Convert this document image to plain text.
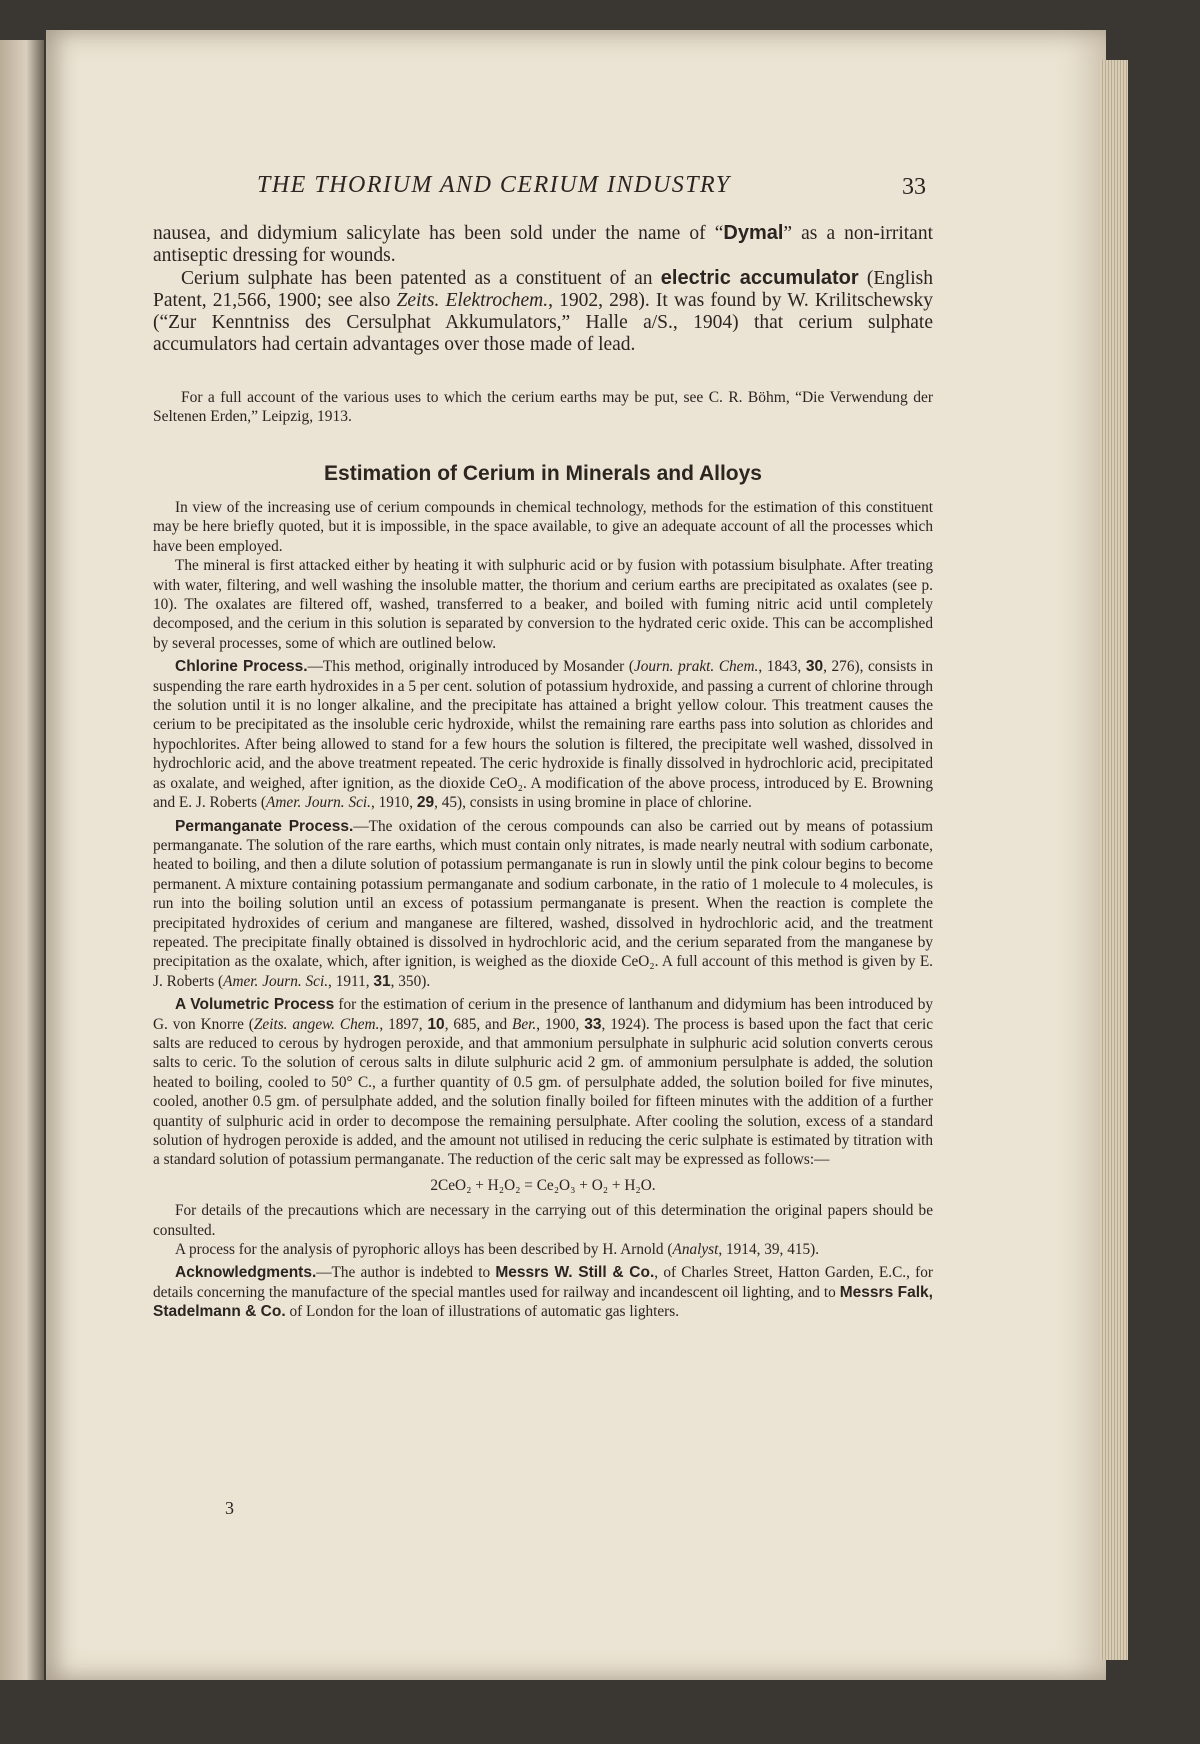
THE THORIUM AND CERIUM INDUSTRY	33

nausea, and didymium salicylate has been sold under the name of “Dymal” as a non-irritant antiseptic dressing for wounds.

Cerium sulphate has been patented as a constituent of an electric accumulator (English Patent, 21,566, 1900; see also Zeits. Elektrochem., 1902, 298). It was found by W. Krilitschewsky (“Zur Kenntniss des Cersulphat Akkumulators,” Halle a/S., 1904) that cerium sulphate accumulators had certain advantages over those made of lead.

For a full account of the various uses to which the cerium earths may be put, see C. R. Böhm, “Die Verwendung der Seltenen Erden,” Leipzig, 1913.

Estimation of Cerium in Minerals and Alloys

In view of the increasing use of cerium compounds in chemical technology, methods for the estimation of this constituent may be here briefly quoted, but it is impossible, in the space available, to give an adequate account of all the processes which have been employed.

The mineral is first attacked either by heating it with sulphuric acid or by fusion with potassium bisulphate. After treating with water, filtering, and well washing the insoluble matter, the thorium and cerium earths are precipitated as oxalates (see p. 10). The oxalates are filtered off, washed, transferred to a beaker, and boiled with fuming nitric acid until completely decomposed, and the cerium in this solution is separated by conversion to the hydrated ceric oxide. This can be accomplished by several processes, some of which are outlined below.

Chlorine Process.—This method, originally introduced by Mosander (Journ. prakt. Chem., 1843, 30, 276), consists in suspending the rare earth hydroxides in a 5 per cent. solution of potassium hydroxide, and passing a current of chlorine through the solution until it is no longer alkaline, and the precipitate has attained a bright yellow colour. This treatment causes the cerium to be precipitated as the insoluble ceric hydroxide, whilst the remaining rare earths pass into solution as chlorides and hypochlorites. After being allowed to stand for a few hours the solution is filtered, the precipitate well washed, dissolved in hydrochloric acid, and the above treatment repeated. The ceric hydroxide is finally dissolved in hydrochloric acid, precipitated as oxalate, and weighed, after ignition, as the dioxide CeO₂. A modification of the above process, introduced by E. Browning and E. J. Roberts (Amer. Journ. Sci., 1910, 29, 45), consists in using bromine in place of chlorine.

Permanganate Process.—The oxidation of the cerous compounds can also be carried out by means of potassium permanganate. The solution of the rare earths, which must contain only nitrates, is made nearly neutral with sodium carbonate, heated to boiling, and then a dilute solution of potassium permanganate is run in slowly until the pink colour begins to become permanent. A mixture containing potassium permanganate and sodium carbonate, in the ratio of 1 molecule to 4 molecules, is run into the boiling solution until an excess of potassium permanganate is present. When the reaction is complete the precipitated hydroxides of cerium and manganese are filtered, washed, dissolved in hydrochloric acid, and the treatment repeated. The precipitate finally obtained is dissolved in hydrochloric acid, and the cerium separated from the manganese by precipitation as the oxalate, which, after ignition, is weighed as the dioxide CeO₂. A full account of this method is given by E. J. Roberts (Amer. Journ. Sci., 1911, 31, 350).

A Volumetric Process for the estimation of cerium in the presence of lanthanum and didymium has been introduced by G. von Knorre (Zeits. angew. Chem., 1897, 10, 685, and Ber., 1900, 33, 1924). The process is based upon the fact that ceric salts are reduced to cerous by hydrogen peroxide, and that ammonium persulphate in sulphuric acid solution converts cerous salts to ceric. To the solution of cerous salts in dilute sulphuric acid 2 gm. of ammonium persulphate is added, the solution heated to boiling, cooled to 50° C., a further quantity of 0.5 gm. of persulphate added, the solution boiled for five minutes, cooled, another 0.5 gm. of persulphate added, and the solution finally boiled for fifteen minutes with the addition of a further quantity of sulphuric acid in order to decompose the remaining persulphate. After cooling the solution, excess of a standard solution of hydrogen peroxide is added, and the amount not utilised in reducing the ceric sulphate is estimated by titration with a standard solution of potassium permanganate. The reduction of the ceric salt may be expressed as follows:—

2CeO₂ + H₂O₂ = Ce₂O₃ + O₂ + H₂O.

For details of the precautions which are necessary in the carrying out of this determination the original papers should be consulted.

A process for the analysis of pyrophoric alloys has been described by H. Arnold (Analyst, 1914, 39, 415).

Acknowledgments.—The author is indebted to Messrs W. Still & Co., of Charles Street, Hatton Garden, E.C., for details concerning the manufacture of the special mantles used for railway and incandescent oil lighting, and to Messrs Falk, Stadelmann & Co. of London for the loan of illustrations of automatic gas lighters.

3
